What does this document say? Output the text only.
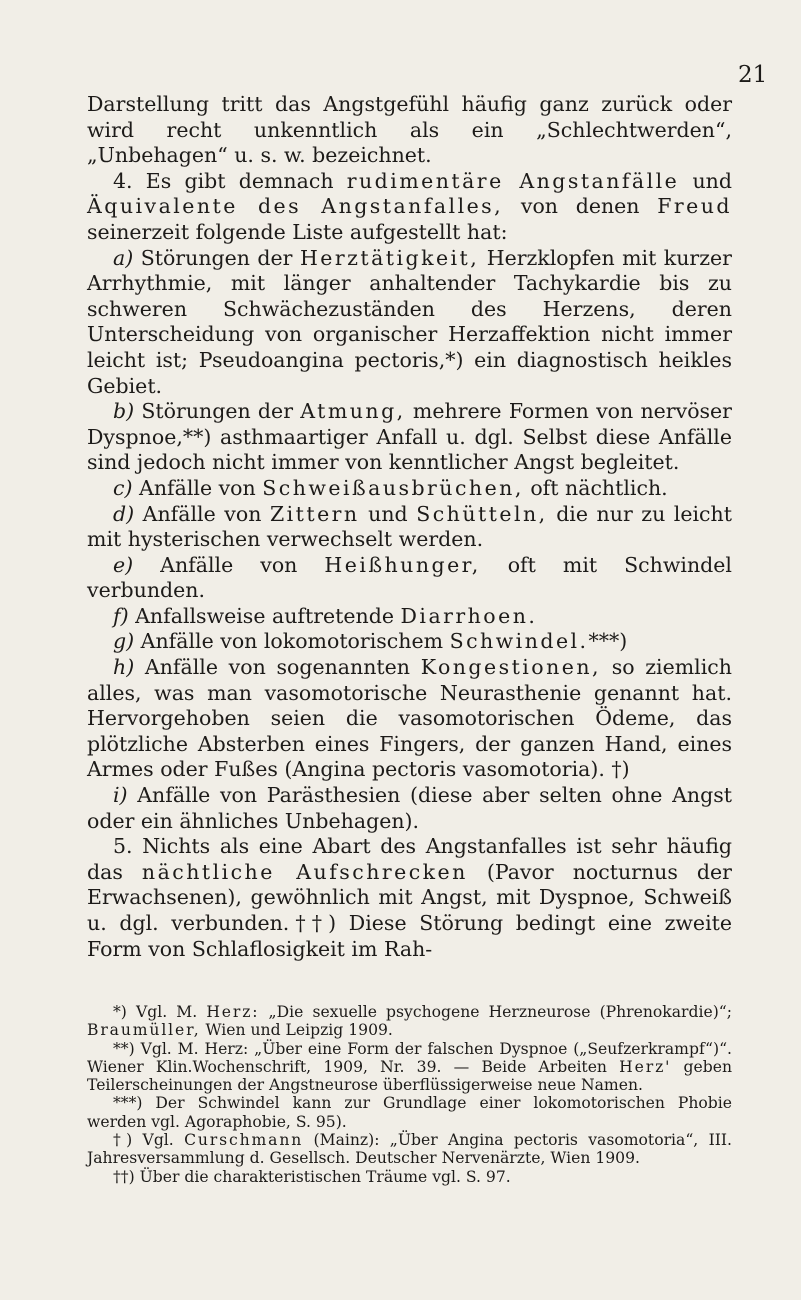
21

Darstellung tritt das Angstgefühl häufig ganz zurück oder wird recht unkenntlich als ein „Schlechtwerden“, „Unbehagen“ u. s. w. bezeichnet.

4. Es gibt demnach rudimentäre Angstanfälle und Äquivalente des Angstanfalles, von denen Freud seinerzeit folgende Liste aufgestellt hat:

a) Störungen der Herztätigkeit, Herzklopfen mit kurzer Arrhythmie, mit länger anhaltender Tachykardie bis zu schweren Schwächezuständen des Herzens, deren Unterscheidung von organischer Herzaffektion nicht immer leicht ist; Pseudoangina pectoris,*) ein diagnostisch heikles Gebiet.

b) Störungen der Atmung, mehrere Formen von nervöser Dyspnoe,**) asthmaartiger Anfall u. dgl. Selbst diese Anfälle sind jedoch nicht immer von kenntlicher Angst begleitet.

c) Anfälle von Schweißausbrüchen, oft nächtlich.

d) Anfälle von Zittern und Schütteln, die nur zu leicht mit hysterischen verwechselt werden.

e) Anfälle von Heißhunger, oft mit Schwindel verbunden.

f) Anfallsweise auftretende Diarrhoen.

g) Anfälle von lokomotorischem Schwindel.***)

h) Anfälle von sogenannten Kongestionen, so ziemlich alles, was man vasomotorische Neurasthenie genannt hat. Hervorgehoben seien die vasomotorischen Ödeme, das plötzliche Absterben eines Fingers, der ganzen Hand, eines Armes oder Fußes (Angina pectoris vasomotoria). †)

i) Anfälle von Parästhesien (diese aber selten ohne Angst oder ein ähnliches Unbehagen).

5. Nichts als eine Abart des Angstanfalles ist sehr häufig das nächtliche Aufschrecken (Pavor nocturnus der Erwachsenen), gewöhnlich mit Angst, mit Dyspnoe, Schweiß u. dgl. verbunden.††) Diese Störung bedingt eine zweite Form von Schlaflosigkeit im Rah-

*) Vgl. M. Herz: „Die sexuelle psychogene Herzneurose (Phrenokardie)“; Braumüller, Wien und Leipzig 1909.

**) Vgl. M. Herz: „Über eine Form der falschen Dyspnoe („Seufzerkrampf“)“. Wiener Klin.Wochenschrift, 1909, Nr. 39. — Beide Arbeiten Herz' geben Teilerscheinungen der Angstneurose überflüssigerweise neue Namen.

***) Der Schwindel kann zur Grundlage einer lokomotorischen Phobie werden vgl. Agoraphobie, S. 95).

†) Vgl. Curschmann (Mainz): „Über Angina pectoris vasomotoria“, III. Jahresversammlung d. Gesellsch. Deutscher Nervenärzte, Wien 1909.

††) Über die charakteristischen Träume vgl. S. 97.
